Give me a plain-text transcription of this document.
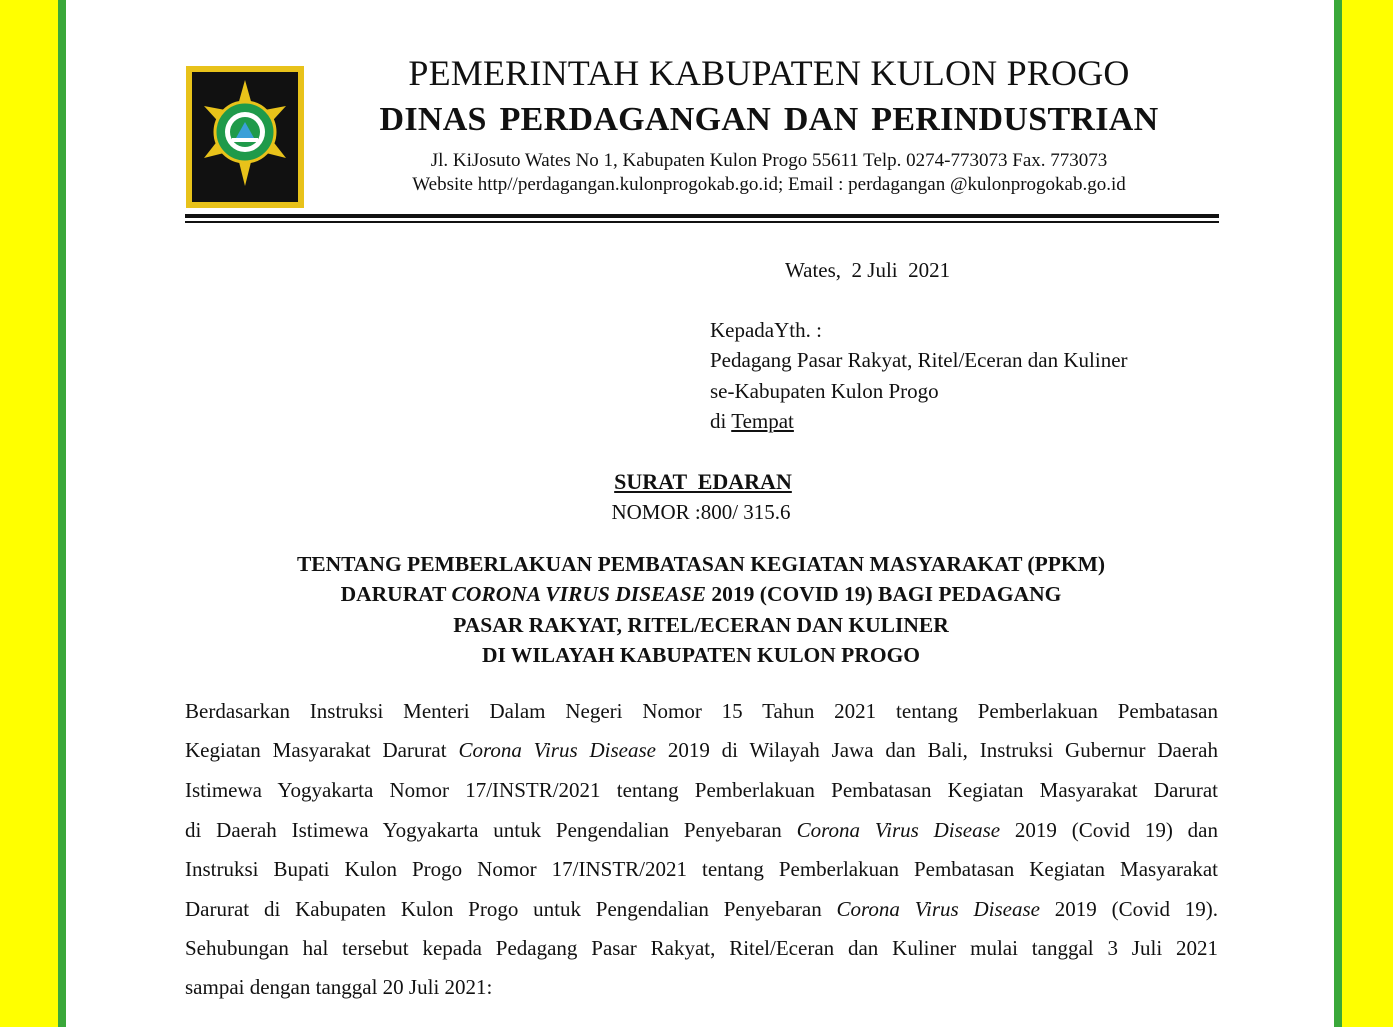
PEMERINTAH KABUPATEN KULON PROGO
DINAS PERDAGANGAN DAN PERINDUSTRIAN
Jl. KiJosuto Wates No 1, Kabupaten Kulon Progo 55611 Telp. 0274-773073 Fax. 773073
Website http//perdagangan.kulonprogokab.go.id; Email : perdagangan @kulonprogokab.go.id
Wates,  2 Juli  2021
KepadaYth. :
Pedagang Pasar Rakyat, Ritel/Eceran dan Kuliner
se-Kabupaten Kulon Progo
di Tempat
SURAT  EDARAN
NOMOR :800/ 315.6
TENTANG PEMBERLAKUAN PEMBATASAN KEGIATAN MASYARAKAT (PPKM)
DARURAT CORONA VIRUS DISEASE 2019 (COVID 19) BAGI PEDAGANG
PASAR RAKYAT, RITEL/ECERAN DAN KULINER
DI WILAYAH KABUPATEN KULON PROGO
Berdasarkan Instruksi Menteri Dalam Negeri Nomor 15 Tahun 2021 tentang Pemberlakuan Pembatasan
Kegiatan Masyarakat Darurat Corona Virus Disease 2019 di Wilayah Jawa dan Bali, Instruksi Gubernur Daerah
Istimewa Yogyakarta Nomor 17/INSTR/2021 tentang Pemberlakuan Pembatasan Kegiatan Masyarakat Darurat
di Daerah Istimewa Yogyakarta untuk Pengendalian Penyebaran Corona Virus Disease 2019 (Covid 19) dan
Instruksi Bupati Kulon Progo Nomor 17/INSTR/2021 tentang Pemberlakuan Pembatasan Kegiatan Masyarakat
Darurat di Kabupaten Kulon Progo untuk Pengendalian Penyebaran Corona Virus Disease 2019 (Covid 19).
Sehubungan hal tersebut kepada Pedagang Pasar Rakyat, Ritel/Eceran dan Kuliner mulai tanggal 3 Juli 2021
sampai dengan tanggal 20 Juli 2021:
